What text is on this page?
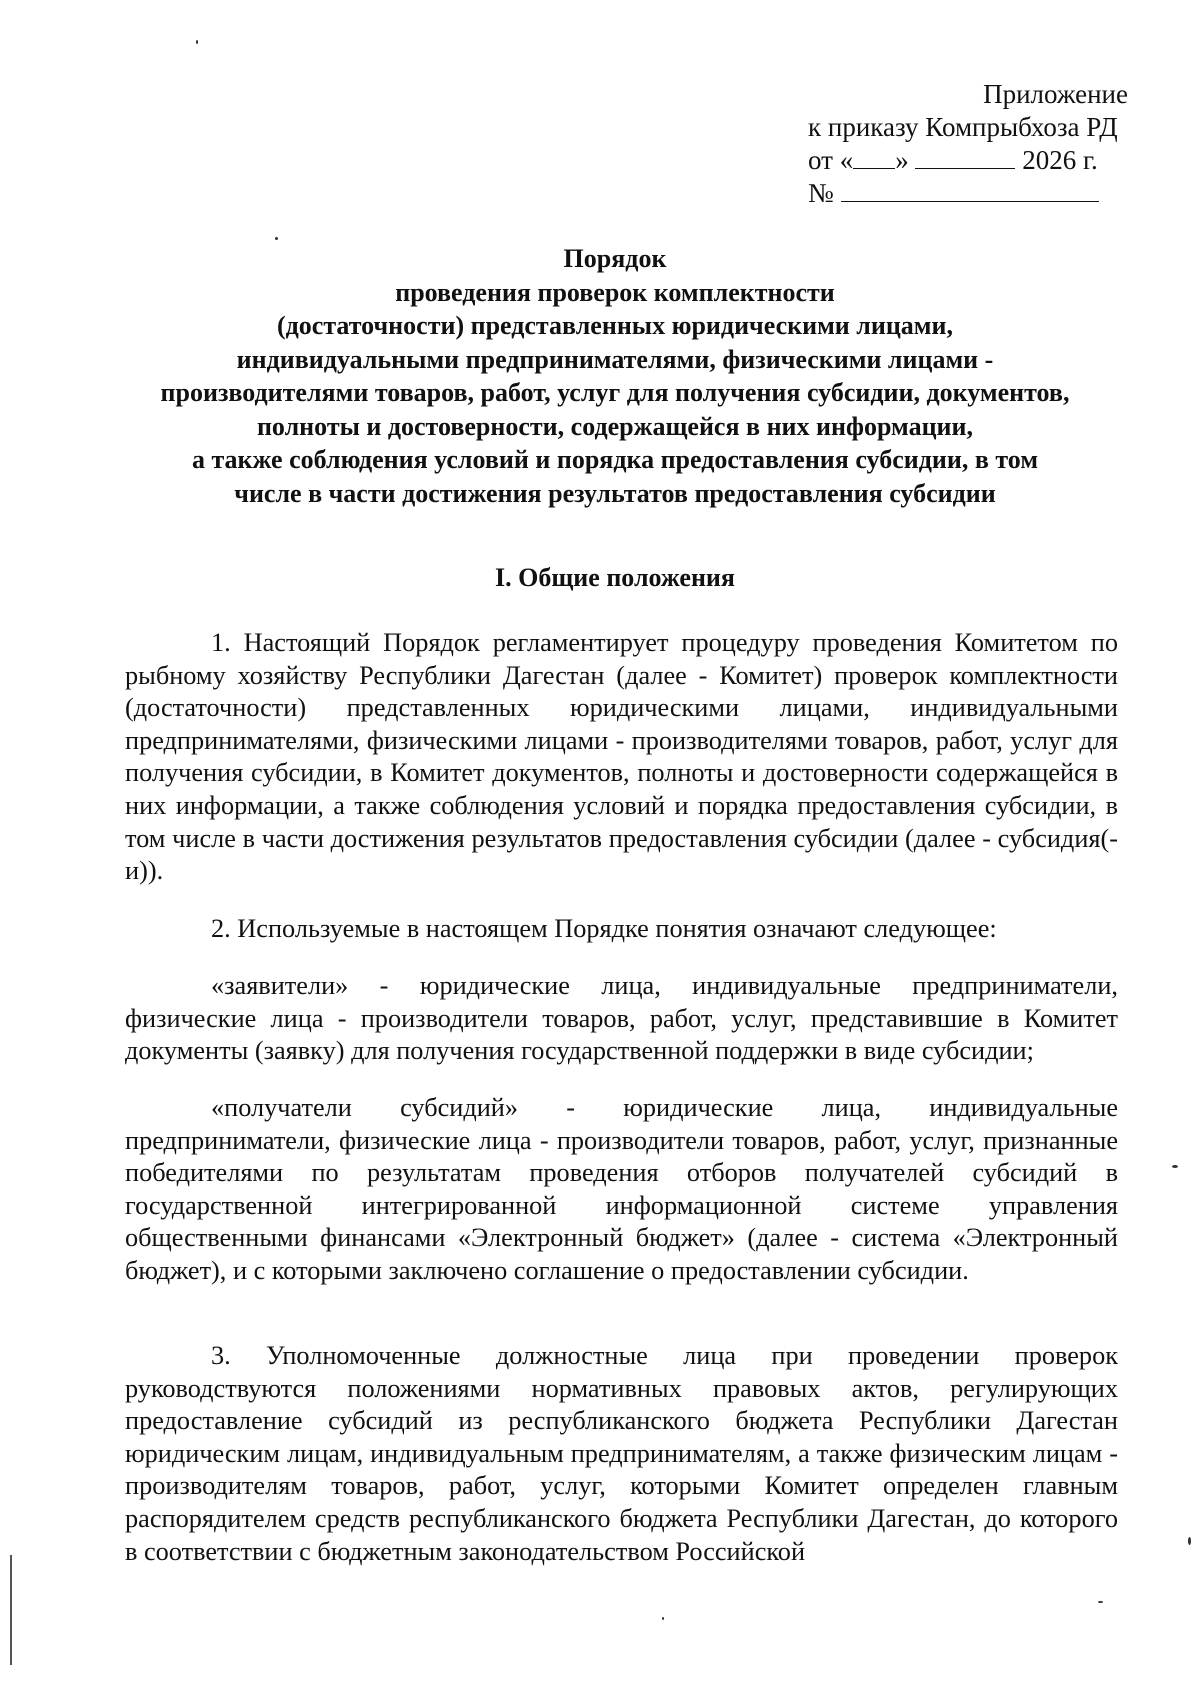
Приложение
к приказу Компрыбхоза РД
от « »	2026 г.
№
Порядок
проведения проверок комплектности
(достаточности) представленных юридическими лицами,
индивидуальными предпринимателями, физическими лицами -
производителями товаров, работ, услуг для получения субсидии, документов,
полноты и достоверности, содержащейся в них информации,
а также соблюдения условий и порядка предоставления субсидии, в том
числе в части достижения результатов предоставления субсидии
I. Общие положения
1. Настоящий Порядок регламентирует процедуру проведения Комитетом по рыбному хозяйству Республики Дагестан (далее - Комитет) проверок комплектности (достаточности) представленных юридическими лицами, индивидуальными предпринимателями, физическими лицами - производителями товаров, работ, услуг для получения субсидии, в Комитет документов, полноты и достоверности содержащейся в них информации, а также соблюдения условий и порядка предоставления субсидии, в том числе в части достижения результатов предоставления субсидии (далее - субсидия(-и)).
2. Используемые в настоящем Порядке понятия означают следующее:
«заявители» - юридические лица, индивидуальные предприниматели, физические лица - производители товаров, работ, услуг, представившие в Комитет документы (заявку) для получения государственной поддержки в виде субсидии;
«получатели субсидий» - юридические лица, индивидуальные предприниматели, физические лица - производители товаров, работ, услуг, признанные победителями по результатам проведения отборов получателей субсидий в государственной интегрированной информационной системе управления общественными финансами «Электронный бюджет» (далее - система «Электронный бюджет), и с которыми заключено соглашение о предоставлении субсидии.
3. Уполномоченные должностные лица при проведении проверок руководствуются положениями нормативных правовых актов, регулирующих предоставление субсидий из республиканского бюджета Республики Дагестан юридическим лицам, индивидуальным предпринимателям, а также физическим лицам - производителям товаров, работ, услуг, которыми Комитет определен главным распорядителем средств республиканского бюджета Республики Дагестан, до которого в соответствии с бюджетным законодательством Российской
